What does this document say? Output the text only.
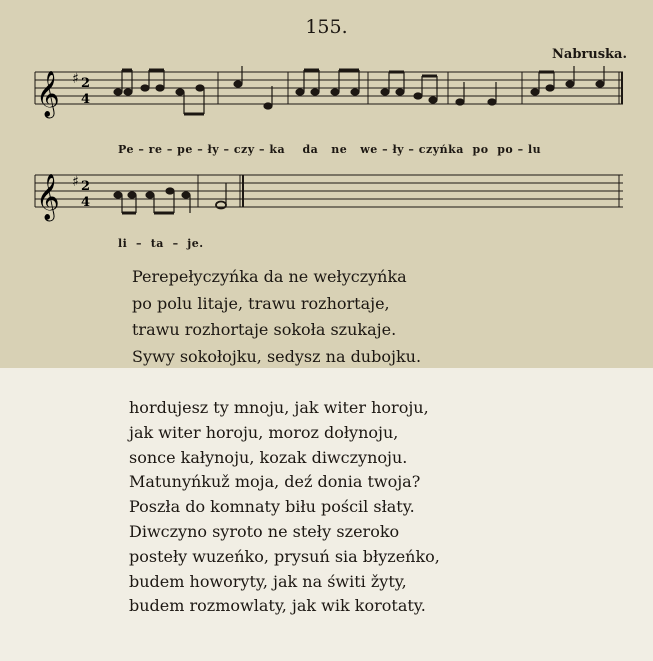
155.
Nabruska.
𝄞 ♯ 2
4
Pe – re – pe – ły – czy – ka da ne we – ły – czyńka po po – lu
𝄞 ♯ 2
4
li – ta – je.
Perepełyczyńka da ne wełyczyńka
po polu litaje, trawu rozhortaje,
trawu rozhortaje sokoła szukaje.
Sywy sokołojku, sedysz na dubojku.
hordujesz ty mnoju, jak witer horoju,
jak witer horoju, moroz dołynoju,
sonce kałynoju, kozak diwczynoju.
Matunyńkuž moja, deź donia twoja?
Poszła do komnaty biłu pościl słaty.
Diwczyno syroto ne stełу szeroko
posteły wuzeńko, prysuń sia błyzeńko,
budem howoryty, jak na świti žyty,
budem rozmowlaty, jak wik korotaty.
